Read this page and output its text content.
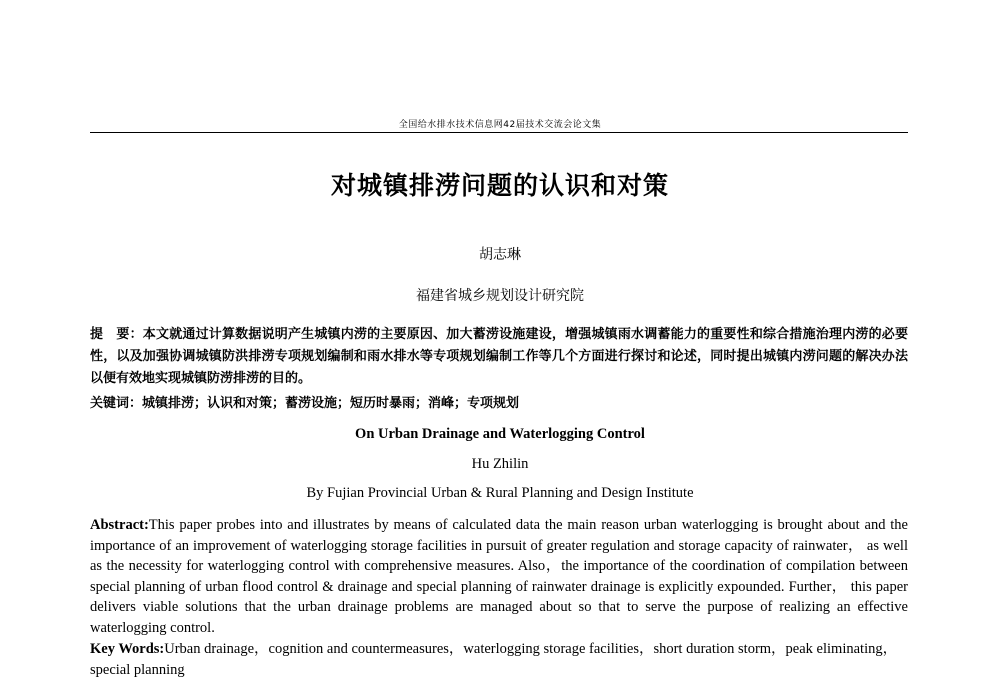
全国给水排水技术信息网42届技术交流会论文集
对城镇排涝问题的认识和对策
胡志琳
福建省城乡规划设计研究院
提　要：本文就通过计算数据说明产生城镇内涝的主要原因、加大蓄涝设施建设，增强城镇雨水调蓄能力的重要性和综合措施治理内涝的必要性，以及加强协调城镇防洪排涝专项规划编制和雨水排水等专项规划编制工作等几个方面进行探讨和论述，同时提出城镇内涝问题的解决办法以便有效地实现城镇防涝排涝的目的。
关键词：城镇排涝；认识和对策；蓄涝设施；短历时暴雨；消峰；专项规划
On Urban Drainage and Waterlogging Control
Hu Zhilin
By Fujian Provincial Urban & Rural Planning and Design Institute
Abstract:This paper probes into and illustrates by means of calculated data the main reason urban waterlogging is brought about and the importance of an improvement of waterlogging storage facilities in pursuit of greater regulation and storage capacity of rainwater， as well as the necessity for waterlogging control with comprehensive measures. Also，the importance of the coordination of compilation between special planning of urban flood control & drainage and special planning of rainwater drainage is explicitly expounded. Further， this paper delivers viable solutions that the urban drainage problems are managed about so that to serve the purpose of realizing an effective waterlogging control.
Key Words:Urban drainage，cognition and countermeasures，waterlogging storage facilities，short duration storm，peak eliminating，special planning
